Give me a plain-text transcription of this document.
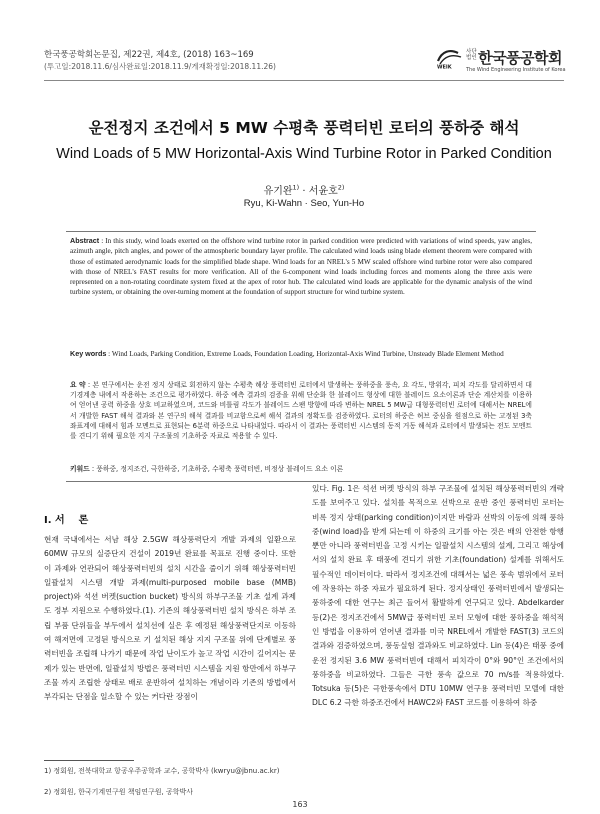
한국풍공학회논문집, 제22권, 제4호, (2018) 163~169
(투고일:2018.11.6/심사완료일:2018.11.9/게재확정일:2018.11.26)	WEIK
사단법인 한국풍공학회
The Wind Engineering Institute of Korea
운전정지 조건에서 5 MW 수평축 풍력터빈 로터의 풍하중 해석
Wind Loads of 5 MW Horizontal-Axis Wind Turbine Rotor in Parked Condition
유기완$^{1)}$ · 서윤호$^{2)}$
Ryu, Ki-Wahn · Seo, Yun-Ho
Abstract : In this study, wind loads exerted on the offshore wind turbine rotor in parked condition were predicted with variations of wind speeds, yaw angles, azimuth angle, pitch angles, and power of the atmospheric boundary layer profile. The calculated wind loads using blade element theorem were compared with those of estimated aerodynamic loads for the simplified blade shape. Wind loads for an NREL's 5 MW scaled offshore wind turbine rotor were also compared with those of NREL's FAST results for more verification. All of the 6-component wind loads including forces and moments along the three axis were represented on a non-rotating coordinate system fixed at the apex of rotor hub. The calculated wind loads are applicable for the dynamic analysis of the wind turbine system, or obtaining the over-turning moment at the foundation of support structure for wind turbine system.
Key words : Wind Loads, Parking Condition, Extreme Loads, Foundation Loading, Horizontal-Axis Wind Turbine, Unsteady Blade Element Method
요 약 : 본 연구에서는 운전 정지 상태로 회전하지 않는 수평축 해상 풍력터빈 로터에서 발생하는 풍하중을 풍속, 요 각도, 방위각, 피치 각도를 달리하면서 대기경계층 내에서 작용하는 조건으로 평가하였다. 하중 예측 결과의 검증을 위해 단순화 한 블레이드 형상에 대한 블레이드 요소이론과 단순 계산치를 이용하여 얻어낸 공력 하중을 상호 비교하였으며, 코드와 비틀림 각도가 블레이드 스팬 방향에 따라 변하는 NREL 5 MW급 대형풍력터빈 로터에 대해서는 NREL에서 개발한 FAST 해석 결과와 본 연구의 해석 결과를 비교함으로써 해석 결과의 정확도를 검증하였다. 로터의 하중은 허브 중심을 원점으로 하는 고정된 3축 좌표계에 대해서 힘과 모멘트로 표현되는 6분력 하중으로 나타내었다. 따라서 이 결과는 풍력터빈 시스템의 동적 거동 해석과 로터에서 발생되는 전도 모멘트를 견디기 위해 필요한 지지 구조물의 기초하중 자료로 적용할 수 있다.
키워드 : 풍하중, 정지조건, 극한하중, 기초하중, 수평축 풍력터빈, 비정상 블레이드 요소 이론
I. 서    론
현재 국내에서는 서남 해상 2.5GW 해상풍력단지 개발 과제의 일환으로 60MW 규모의 실증단지 건설이 2019년 완료를 목표로 진행 중이다. 또한 이 과제와 연관되어 해상풍력터빈의 설치 시간을 줄이기 위해 해상풍력터빈 일괄설치 시스템 개발 과제(multi-purposed mobile base (MMB) project)와 석션 버켓(suction bucket) 방식의 하부구조물 기초 설계 과제도 정부 지원으로 수행하였다.(1). 기존의 해상풍력터빈 설치 방식은 하부 조립 부품 단위들을 부두에서 설치선에 실은 후 예정된 해상풍력단지로 이동하여 해저면에 고정된 방식으로 기 설치된 해상 지지 구조물 위에 단계별로 풍력터빈을 조립해 나가기 때문에 작업 난이도가 높고 작업 시간이 길어지는 문제가 있는 반면에, 일괄설치 방법은 풍력터빈 시스템을 지원 항만에서 하부구조물 까지 조립한 상태로 배로 운반하여 설치하는 개념이라 기존의 방법에서 부각되는 단점을 일소할 수 있는 커다란 장점이
있다. Fig. 1은 석션 버켓 방식의 하부 구조물에 설치된 해상풍력터빈의 개략도를 보여주고 있다. 설치를 목적으로 선박으로 운반 중인 풍력터빈 로터는 비록 정지 상태(parking condition)이지만 바람과 선박의 이동에 의해 풍하중(wind load)을 받게 되는데 이 하중의 크기를 아는 것은 배의 안전한 항행 뿐만 아니라 풍력터빈을 고정 시키는 일괄설치 시스템의 설계, 그리고 해상에서의 설치 완료 후 태풍에 견디기 위한 기초(foundation) 설계를 위해서도 필수적인 데이터이다. 따라서 정지조건에 대해서는 넓은 풍속 범위에서 로터에 작용하는 하중 자료가 필요하게 된다. 정지상태인 풍력터빈에서 발생되는 풍하중에 대한 연구는 최근 들어서 활발하게 연구되고 있다. Abdelkarder 등(2)은 정지조건에서 5MW급 풍력터빈 로터 모형에 대한 풍하중을 해석적인 방법을 이용하여 얻어낸 결과를 미국 NREL에서 개발한 FAST(3) 코드의 결과와 검증하였으며, 풍동실험 결과와도 비교하였다. Lin 등(4)은 태풍 중에 운전 정지된 3.6 MW 풍력터빈에 대해서 피치각이 0°와 90°인 조건에서의 풍하중을 비교하였다. 그들은 극한 풍속 값으로 70 m/s를 적용하였다. Totsuka 등(5)은 극한풍속에서 DTU 10MW 연구용 풍력터빈 모델에 대한 DLC 6.2 극한 하중조건에서 HAWC2와 FAST 코드를 이용하여 하중
1) 정회원, 전북대학교 항공우주공학과 교수, 공학박사 (kwryu@jbnu.ac.kr)
2) 정회원, 한국기계연구원 책임연구원, 공학박사
163
